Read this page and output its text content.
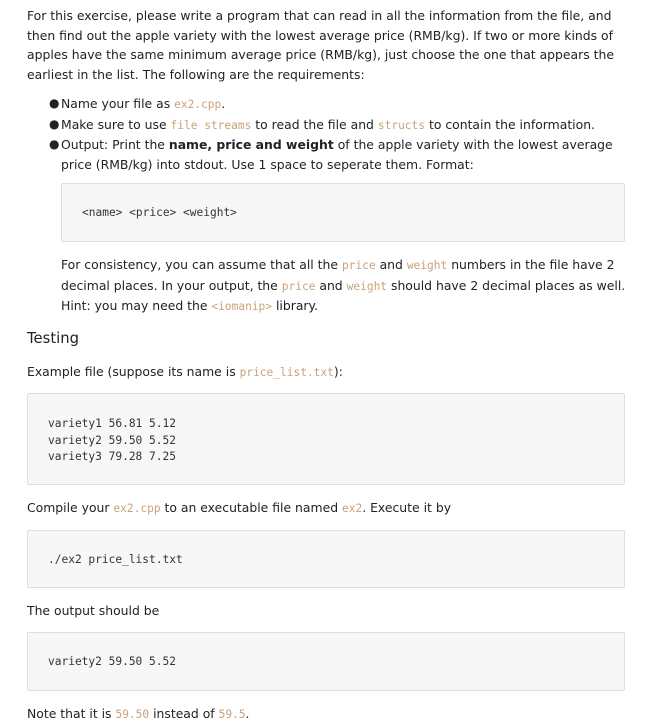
For this exercise, please write a program that can read in all the information from the file, and then find out the apple variety with the lowest average price (RMB/kg). If two or more kinds of apples have the same minimum average price (RMB/kg), just choose the one that appears the earliest in the list. The following are the requirements:

● Name your file as ex2.cpp.
● Make sure to use file streams to read the file and structs to contain the information.
● Output: Print the name, price and weight of the apple variety with the lowest average price (RMB/kg) into stdout. Use 1 space to seperate them. Format:
<name> <price> <weight>

For consistency, you can assume that all the price and weight numbers in the file have 2 decimal places. In your output, the price and weight should have 2 decimal places as well. Hint: you may need the <iomanip> library.

Testing

Example file (suppose its name is price_list.txt):

variety1 56.81 5.12
variety2 59.50 5.52
variety3 79.28 7.25

Compile your ex2.cpp to an executable file named ex2. Execute it by

./ex2 price_list.txt

The output should be

variety2 59.50 5.52

Note that it is 59.50 instead of 59.5.
